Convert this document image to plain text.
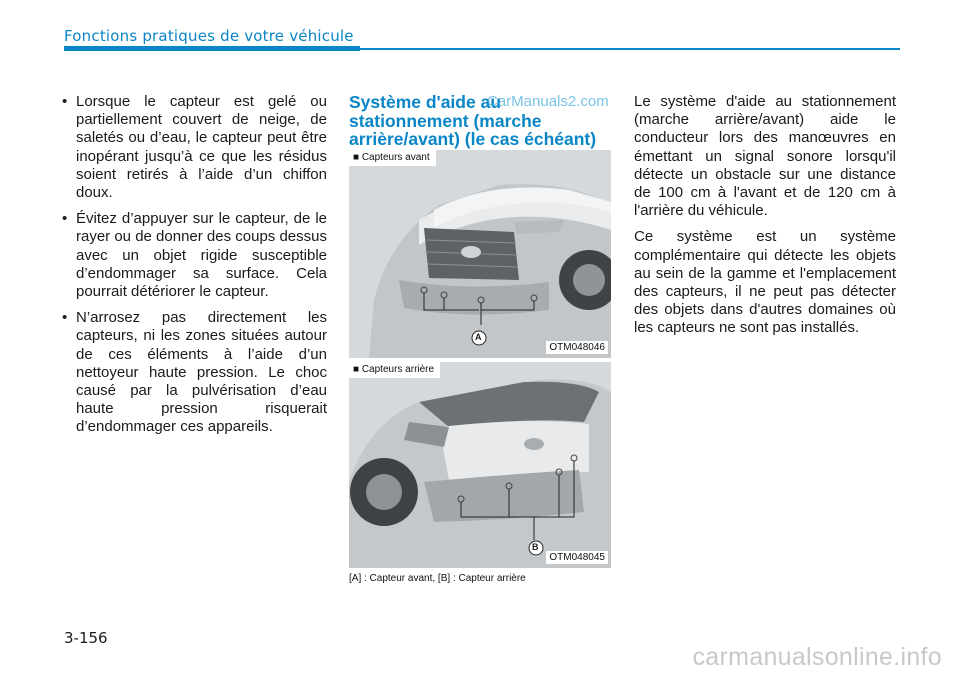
Fonctions pratiques de votre véhicule
• Lorsque le capteur est gelé ou partiellement couvert de neige, de saletés ou d’eau, le capteur peut être inopérant jusqu’à ce que les résidus soient retirés à l’aide d’un chiffon doux.
• Évitez d’appuyer sur le capteur, de le rayer ou de donner des coups dessus avec un objet rigide susceptible d’endommager sa surface. Cela pourrait détériorer le capteur.
• N’arrosez pas directement les capteurs, ni les zones situées autour de ces éléments à l’aide d’un nettoyeur haute pression. Le choc causé par la pulvérisation d’eau haute pression risquerait d’endommager ces appareils.
Système d'aide au stationnement (marche arrière/avant) (le cas échéant)
CarManuals2.com
■ Capteurs avant
OTM048046
A
■ Capteurs arrière
OTM048045
B
[A] : Capteur avant, [B] : Capteur arrière

Le système d'aide au stationnement (marche arrière/avant) aide le conducteur lors des manœuvres en émettant un signal sonore lorsqu'il détecte un obstacle sur une distance de 100 cm à l'avant et de 120 cm à l'arrière du véhicule.

Ce système est un système complémentaire qui détecte les objets au sein de la gamme et l'emplacement des capteurs, il ne peut pas détecter des objets dans d'autres domaines où les capteurs ne sont pas installés.

3-156
carmanualsonline.info
